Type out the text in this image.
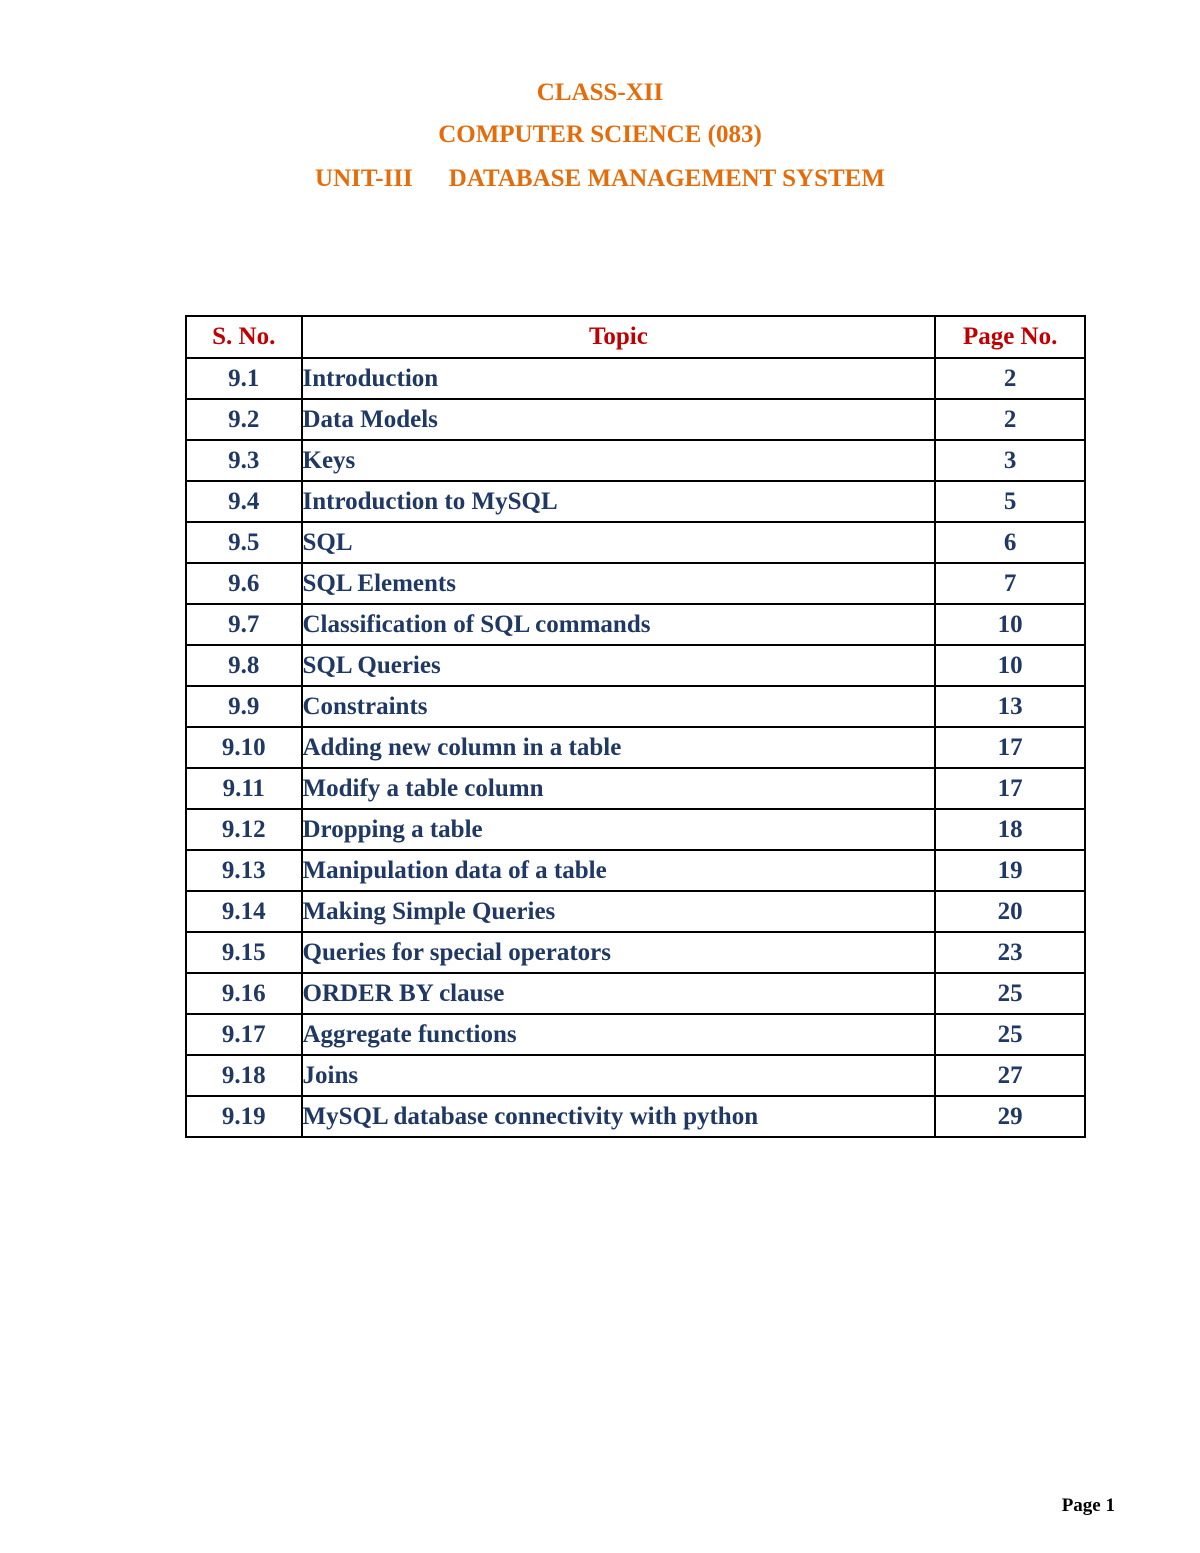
CLASS-XII

COMPUTER SCIENCE (083)

UNIT-III DATABASE MANAGEMENT SYSTEM

S. No.	Topic	Page No.
9.1	Introduction	2
9.2	Data Models	2
9.3	Keys	3
9.4	Introduction to MySQL	5
9.5	SQL	6
9.6	SQL Elements	7
9.7	Classification of SQL commands	10
9.8	SQL Queries	10
9.9	Constraints	13
9.10	Adding new column in a table	17
9.11	Modify a table column	17
9.12	Dropping a table	18
9.13	Manipulation data of a table	19
9.14	Making Simple Queries	20
9.15	Queries for special operators	23
9.16	ORDER BY clause	25
9.17	Aggregate functions	25
9.18	Joins	27
9.19	MySQL database connectivity with python	29
Page 1
